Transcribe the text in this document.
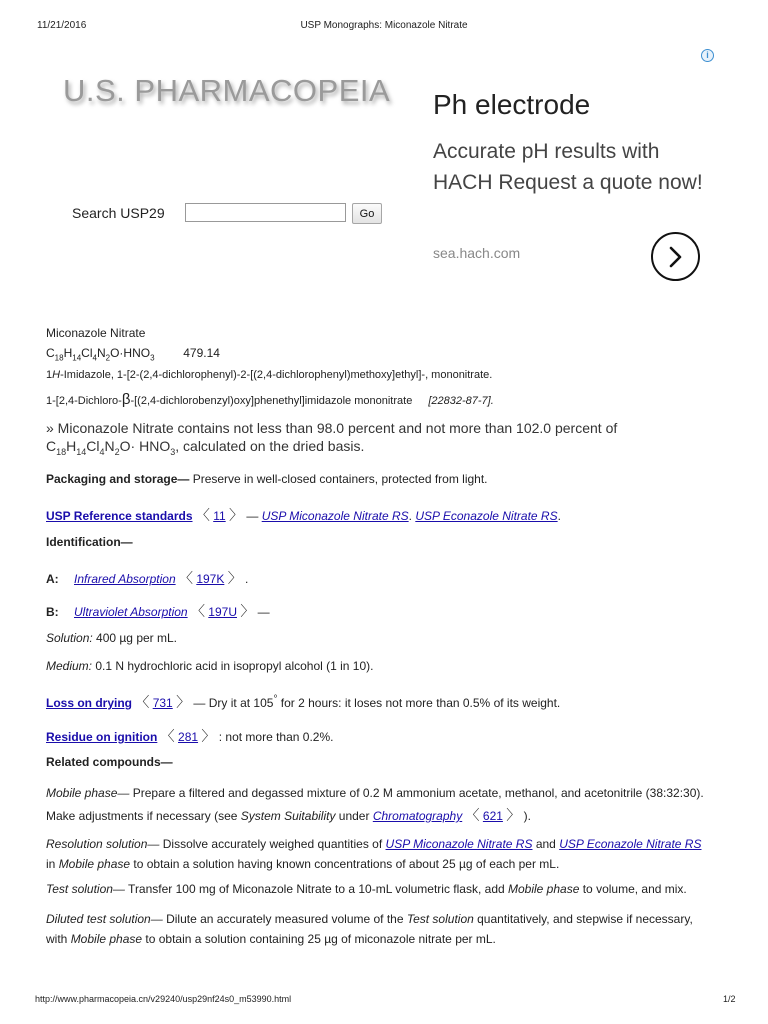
11/21/2016	USP Monographs: Miconazole Nitrate
U.S. PHARMACOPEIA
Search USP29	Go
i
Ph electrode
Accurate pH results with HACH Request a quote now!
sea.hach.com
Miconazole Nitrate
$C_{18}H_{14}Cl_4N_2O\cdot HNO_3$ 479.14
1H-Imidazole, 1-[2-(2,4-dichlorophenyl)-2-[(2,4-dichlorophenyl)methoxy]ethyl]-, mononitrate.
1-[2,4-Dichloro-β-[(2,4-dichlorobenzyl)oxy]phenethyl]imidazole mononitrate [22832-87-7].
» Miconazole Nitrate contains not less than 98.0 percent and not more than 102.0 percent of
$C_{18}H_{14}Cl_4N_2O\cdot HNO_3$, calculated on the dried basis.
Packaging and storage— Preserve in well-closed containers, protected from light.
USP Reference standards 〈 11 〉 — USP Miconazole Nitrate RS. USP Econazole Nitrate RS.
Identification—
A: Infrared Absorption 〈 197K 〉 .
B: Ultraviolet Absorption 〈 197U 〉 —
Solution: 400 µg per mL.
Medium: 0.1 N hydrochloric acid in isopropyl alcohol (1 in 10).
Loss on drying 〈 731 〉 — Dry it at 105° for 2 hours: it loses not more than 0.5% of its weight.
Residue on ignition 〈 281 〉 : not more than 0.2%.
Related compounds—
Mobile phase— Prepare a filtered and degassed mixture of 0.2 M ammonium acetate, methanol, and acetonitrile (38:32:30).
Make adjustments if necessary (see System Suitability under Chromatography 〈 621 〉 ).
Resolution solution— Dissolve accurately weighed quantities of USP Miconazole Nitrate RS and USP Econazole Nitrate RS
in Mobile phase to obtain a solution having known concentrations of about 25 µg of each per mL.
Test solution— Transfer 100 mg of Miconazole Nitrate to a 10-mL volumetric flask, add Mobile phase to volume, and mix.
Diluted test solution— Dilute an accurately measured volume of the Test solution quantitatively, and stepwise if necessary,
with Mobile phase to obtain a solution containing 25 µg of miconazole nitrate per mL.
http://www.pharmacopeia.cn/v29240/usp29nf24s0_m53990.html	1/2
